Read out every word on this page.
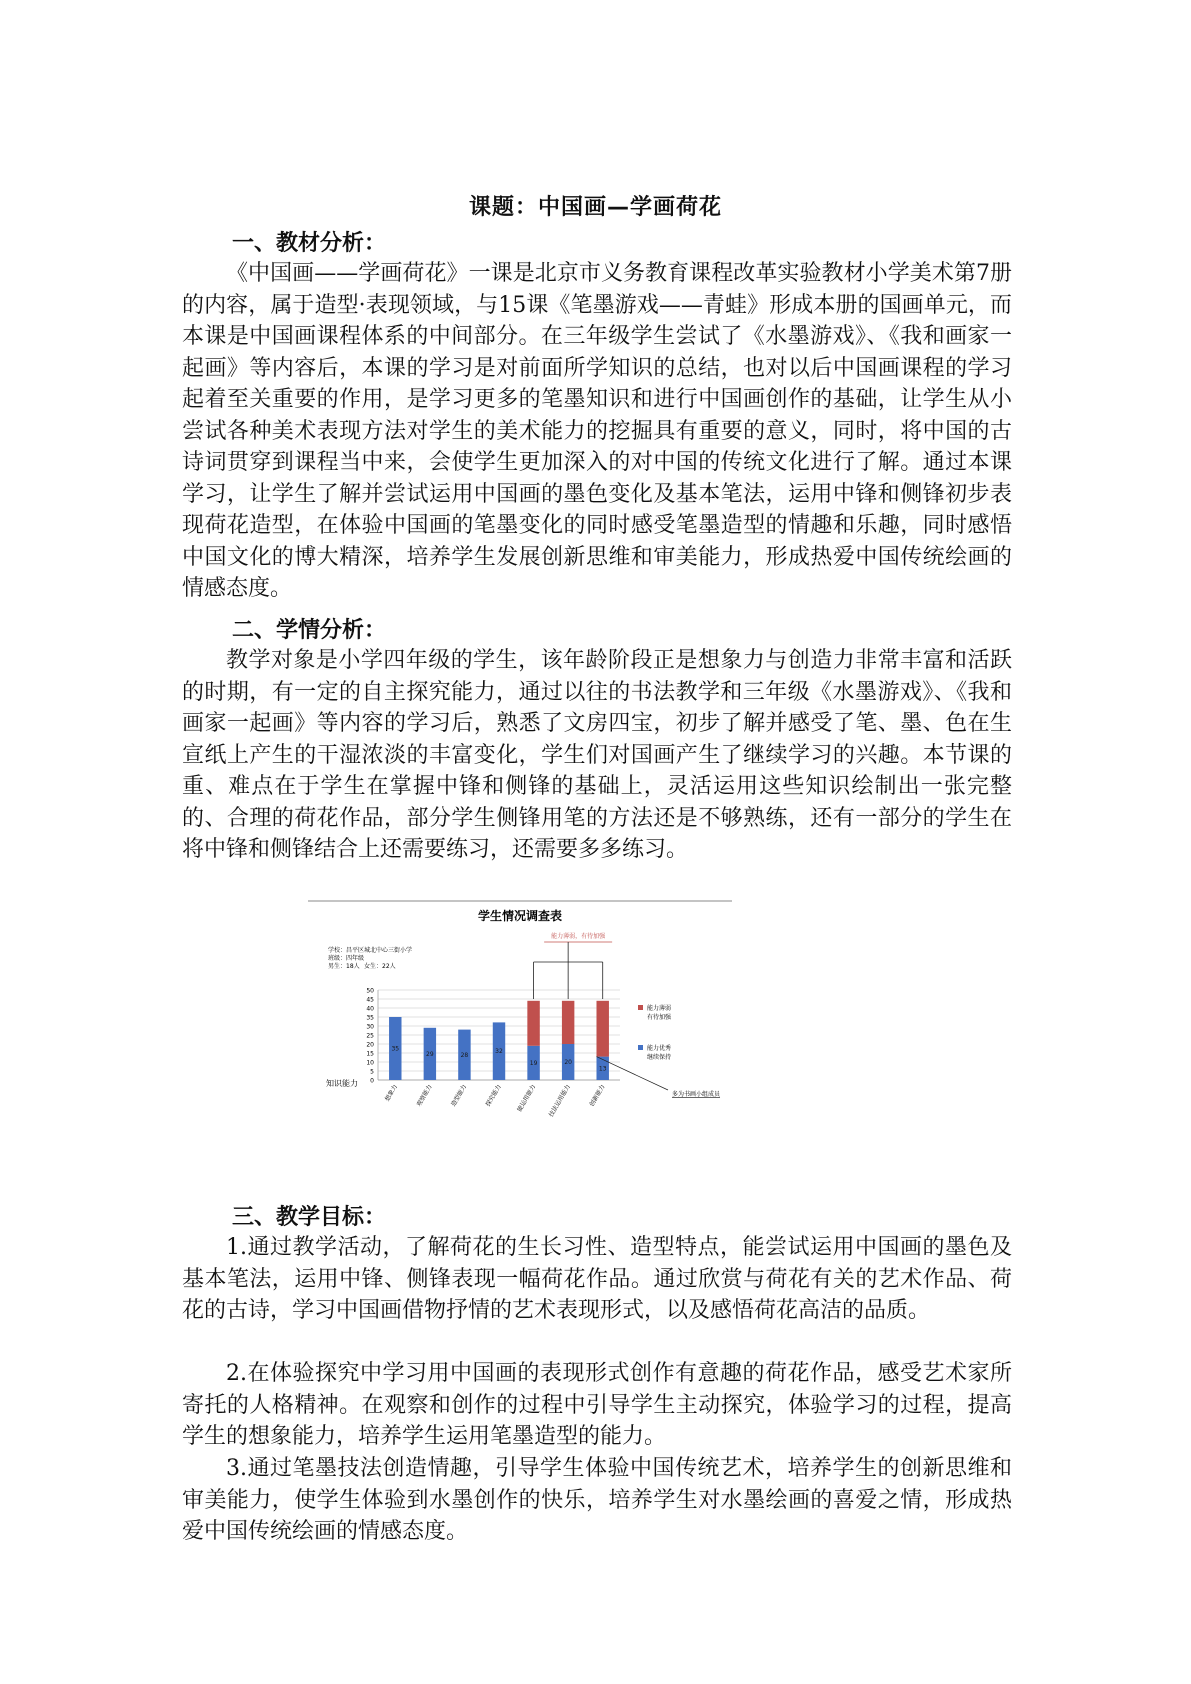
课题：中国画—学画荷花
一、教材分析：

《中国画——学画荷花》一课是北京市义务教育课程改革实验教材小学美术第7册的内容，属于造型·表现领域，与15课《笔墨游戏——青蛙》形成本册的国画单元，而本课是中国画课程体系的中间部分。在三年级学生尝试了《水墨游戏》、《我和画家一起画》等内容后，本课的学习是对前面所学知识的总结，也对以后中国画课程的学习起着至关重要的作用，是学习更多的笔墨知识和进行中国画创作的基础，让学生从小尝试各种美术表现方法对学生的美术能力的挖掘具有重要的意义，同时，将中国的古诗词贯穿到课程当中来，会使学生更加深入的对中国的传统文化进行了解。通过本课学习，让学生了解并尝试运用中国画的墨色变化及基本笔法，运用中锋和侧锋初步表现荷花造型，在体验中国画的笔墨变化的同时感受笔墨造型的情趣和乐趣，同时感悟中国文化的博大精深，培养学生发展创新思维和审美能力，形成热爱中国传统绘画的情感态度。

二、学情分析：

教学对象是小学四年级的学生，该年龄阶段正是想象力与创造力非常丰富和活跃的时期，有一定的自主探究能力，通过以往的书法教学和三年级《水墨游戏》、《我和画家一起画》等内容的学习后，熟悉了文房四宝，初步了解并感受了笔、墨、色在生宣纸上产生的干湿浓淡的丰富变化，学生们对国画产生了继续学习的兴趣。本节课的重、难点在于学生在掌握中锋和侧锋的基础上，灵活运用这些知识绘制出一张完整的、合理的荷花作品，部分学生侧锋用笔的方法还是不够熟练，还有一部分的学生在将中锋和侧锋结合上还需要练习，还需要多多练习。

学生情况调查表
学校：昌平区城北中心三街小学
班级：四年级
男生：18人 女生：22人
0
5
10
15
20
25
30
35
40
45
50
35
29	28
32
19	20
13
想象力	观察能力	造型能力	探究能力 能运用能力 技法运用能力	创新能力
能力薄弱
有待加强
能力优秀
继续保持
能力薄弱，有待加强
知识能力
多为书画小组成员
三、教学目标：

1.通过教学活动，了解荷花的生长习性、造型特点，能尝试运用中国画的墨色及基本笔法，运用中锋、侧锋表现一幅荷花作品。通过欣赏与荷花有关的艺术作品、荷花的古诗，学习中国画借物抒情的艺术表现形式，以及感悟荷花高洁的品质。

2.在体验探究中学习用中国画的表现形式创作有意趣的荷花作品，感受艺术家所寄托的人格精神。在观察和创作的过程中引导学生主动探究，体验学习的过程，提高学生的想象能力，培养学生运用笔墨造型的能力。

3.通过笔墨技法创造情趣，引导学生体验中国传统艺术，培养学生的创新思维和审美能力，使学生体验到水墨创作的快乐，培养学生对水墨绘画的喜爱之情，形成热爱中国传统绘画的情感态度。
